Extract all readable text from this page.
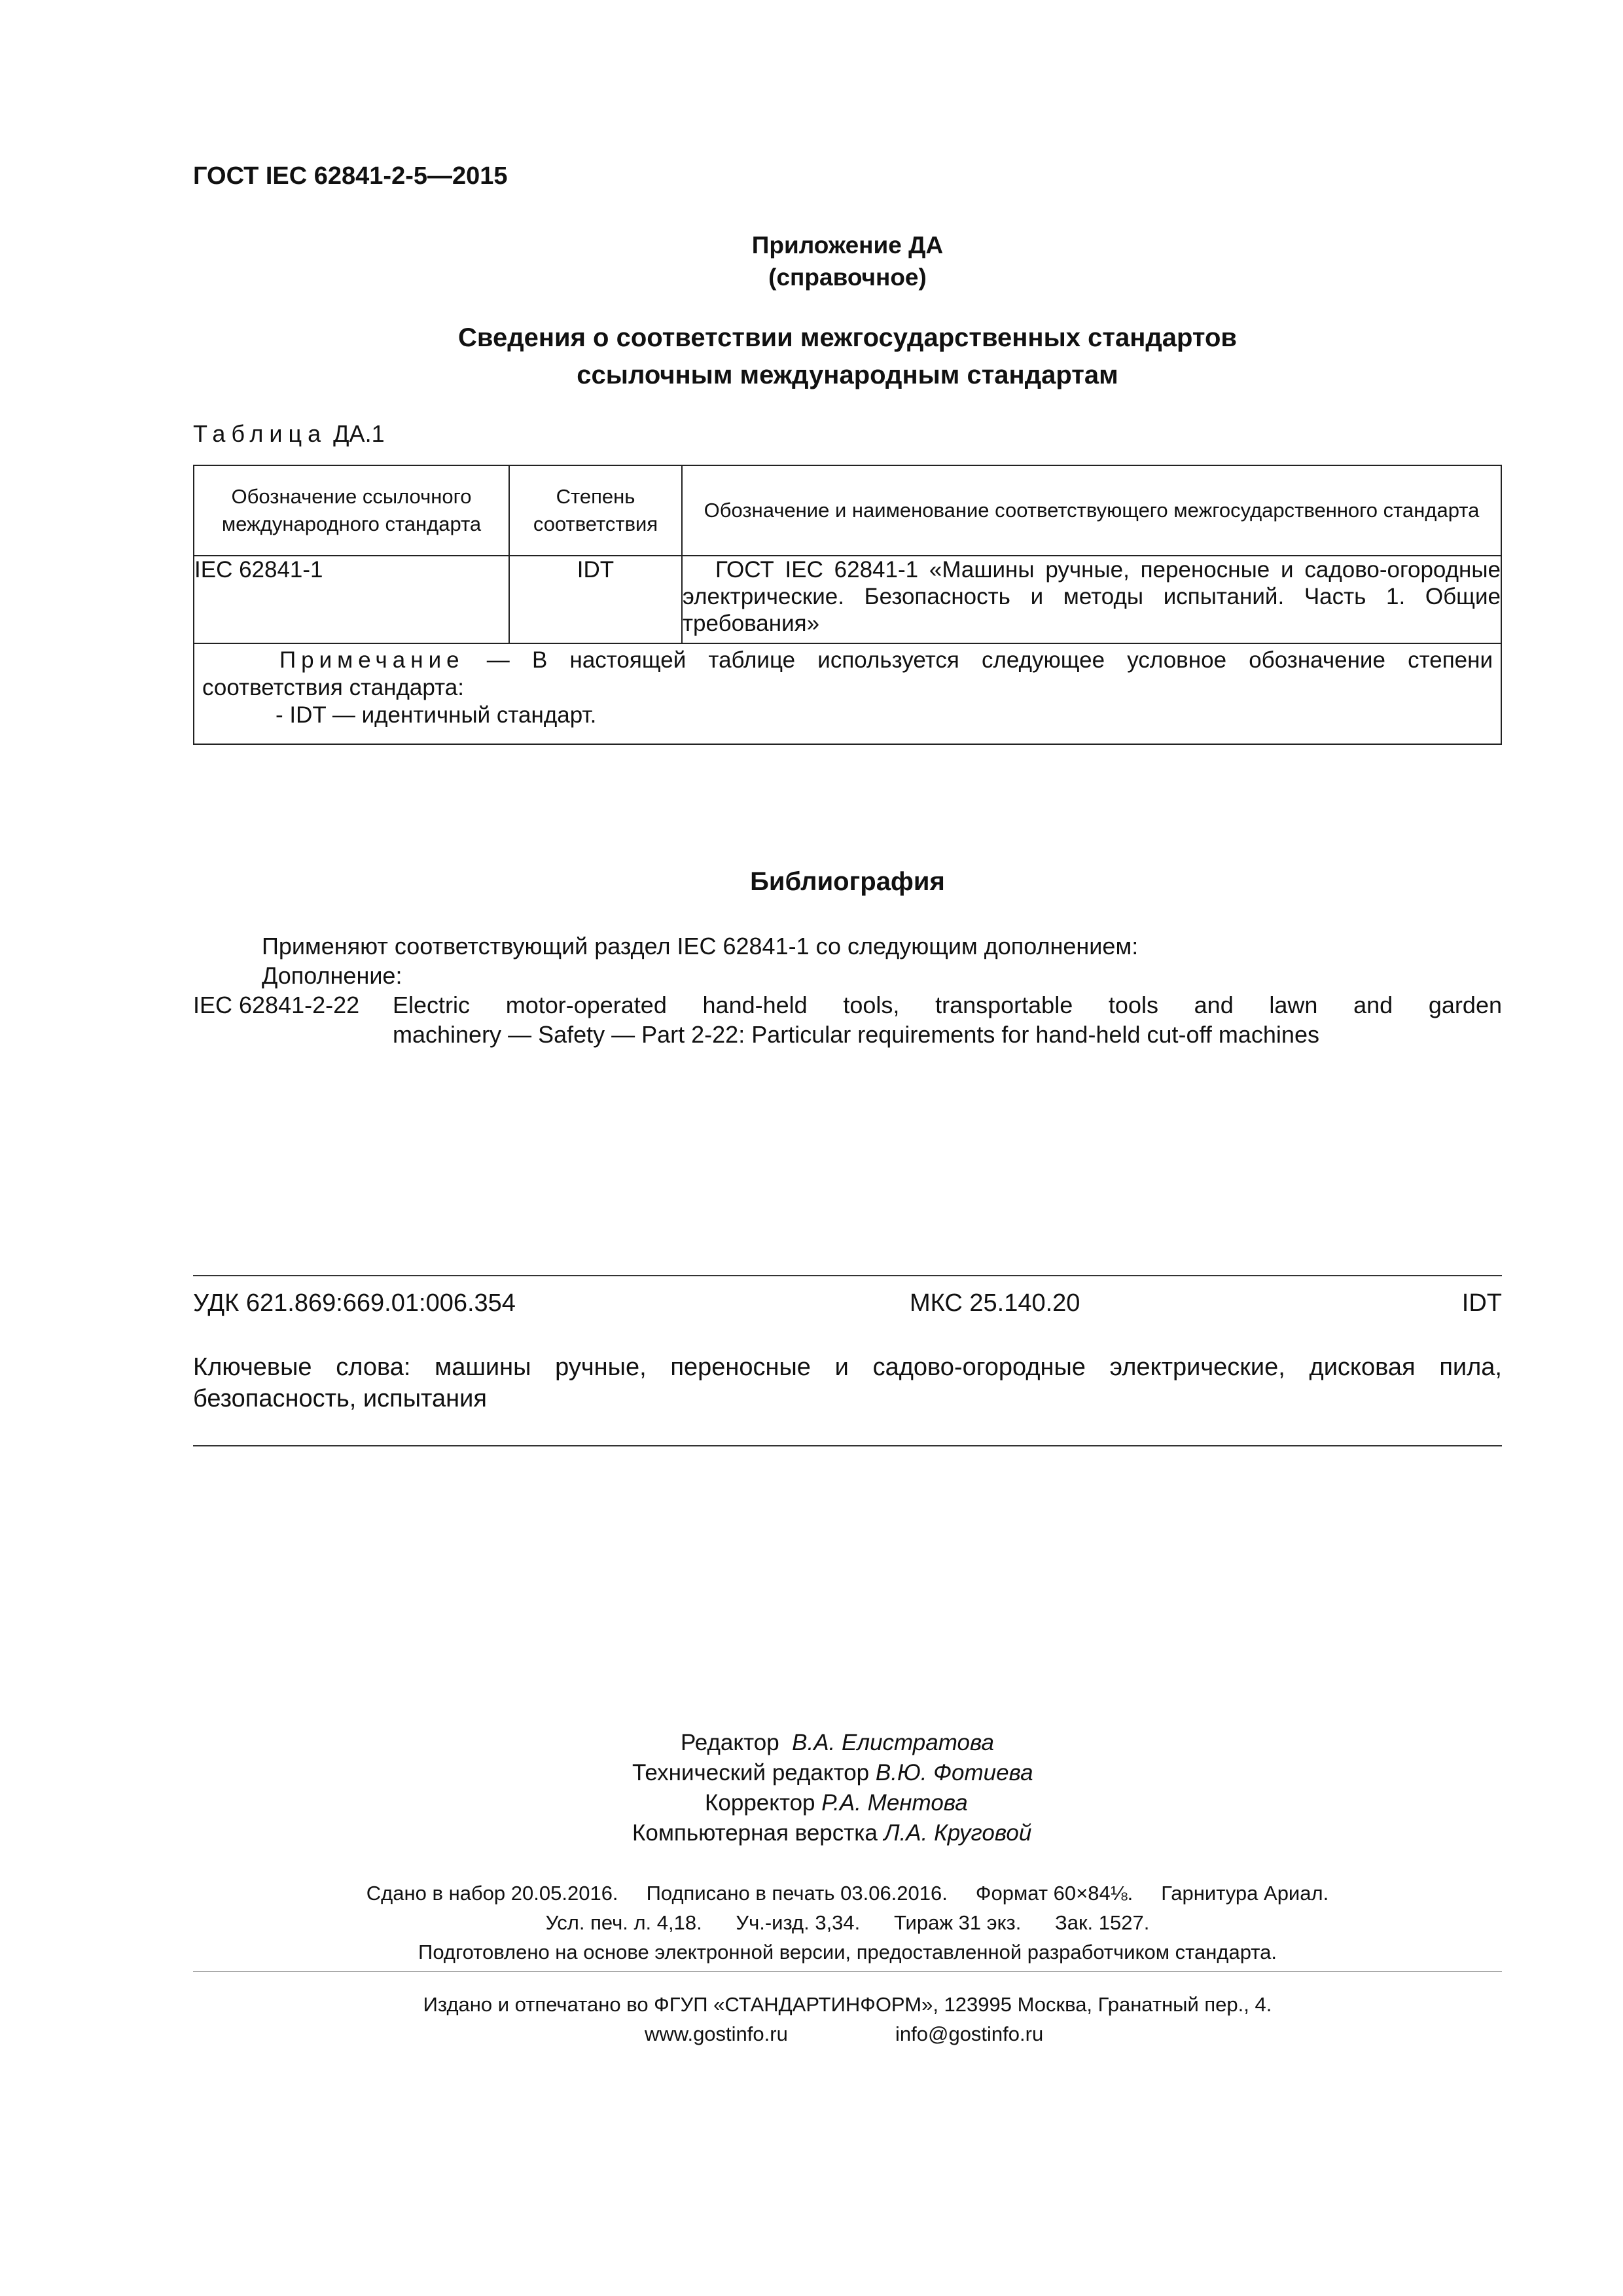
ГОСТ IEC 62841-2-5—2015
Приложение ДА
(справочное)
Сведения о соответствии межгосударственных стандартов
ссылочным международным стандартам
Таблица ДА.1
Обозначение ссылочного международного стандарта	Степень соответствия	Обозначение и наименование соответствующего межгосударственного стандарта
IEC 62841-1	IDT	ГОСТ IEC 62841-1 «Машины ручные, переносные и садово-огородные электрические. Безопасность и методы испытаний. Часть 1. Общие требования»

Примечание — В настоящей таблице используется следующее условное обозначение степени соответствия стандарта:
- IDT — идентичный стандарт.		
Библиография
Применяют соответствующий раздел IEC 62841-1 со следующим дополнением:
Дополнение:
IEC 62841-2-22 Electric motor-operated hand-held tools, transportable tools and lawn and garden
machinery — Safety — Part 2-22: Particular requirements for hand-held cut-off machines
УДК 621.869:669.01:006.354	МКС 25.140.20	IDT
Ключевые слова: машины ручные, переносные и садово-огородные электрические, дисковая пила, безопасность, испытания
Редактор В.А. Елистратова
Технический редактор В.Ю. Фотиева
Корректор Р.А. Ментова
Компьютерная верстка Л.А. Круговой
Сдано в набор 20.05.2016.     Подписано в печать 03.06.2016.     Формат 60×84⅛.     Гарнитура Ариал.
Усл. печ. л. 4,18.      Уч.-изд. 3,34.      Тираж 31 экз.      Зак. 1527.
Подготовлено на основе электронной версии, предоставленной разработчиком стандарта.
Издано и отпечатано во ФГУП «СТАНДАРТИНФОРМ», 123995 Москва, Гранатный пер., 4.
www.gostinfo.ru	info@gostinfo.ru
